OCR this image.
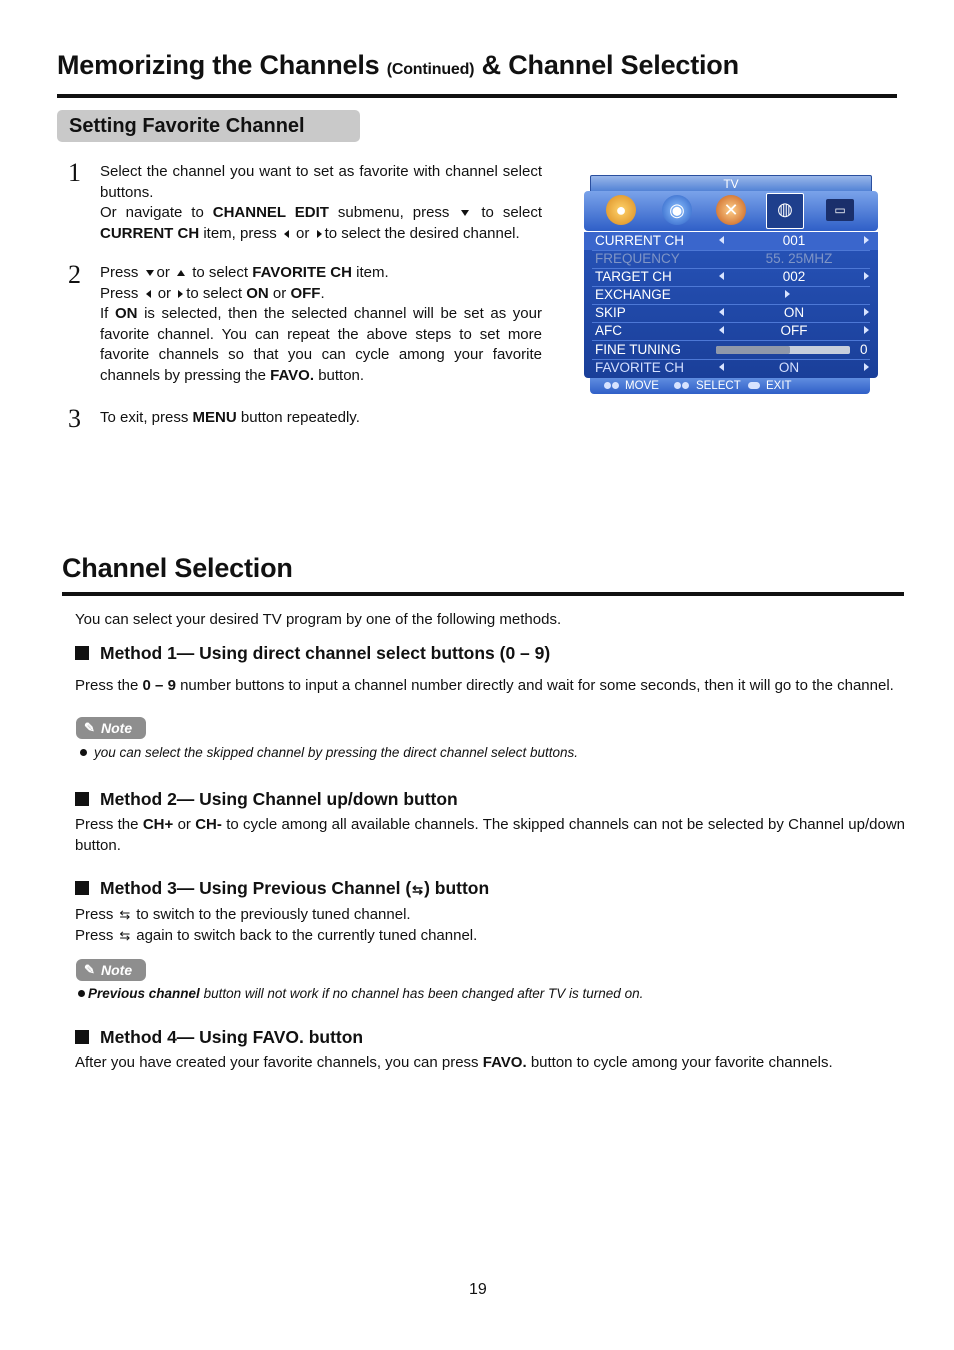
Memorizing the Channels (Continued) & Channel Selection
Setting Favorite Channel
1 Select the channel you want to set as favorite with channel select buttons.
Or navigate to CHANNEL EDIT submenu, press to select CURRENT CH item, press or to select the desired channel.
2 Press or to select FAVORITE CH item.
Press or to select ON or OFF.
If ON is selected, then the selected channel will be set as your favorite channel. You can repeat the above steps to set more favorite channels so that you can cycle among your favorite channels by pressing the FAVO. button.
3 To exit, press MENU button repeatedly.
TV
●	◉	✕	◍	▭
CURRENT CH	001
FREQUENCY	55. 25MHZ
TARGET CH	002
EXCHANGE
SKIP	ON
AFC	OFF
FINE TUNING	0
FAVORITE CH	ON
MOVE	SELECT EXIT
Channel Selection
You can select your desired TV program by one of the following methods.
Method 1— Using direct channel select buttons (0 – 9)
Press the 0 – 9 number buttons to input a channel number directly and wait for some seconds, then it will go to the channel.
✎ Note
you can select the skipped channel by pressing the direct channel select buttons.
Method 2— Using Channel up/down button
Press the CH+ or CH- to cycle among all available channels. The skipped channels can not be selected by Channel up/down button.
Method 3— Using Previous Channel (⇆) button
Press ⇆ to switch to the previously tuned channel.
Press ⇆ again to switch back to the currently tuned channel.
✎ Note
Previous channel button will not work if no channel has been changed after TV is turned on.
Method 4— Using FAVO. button
After you have created your favorite channels, you can press FAVO. button to cycle among your favorite channels.
19
